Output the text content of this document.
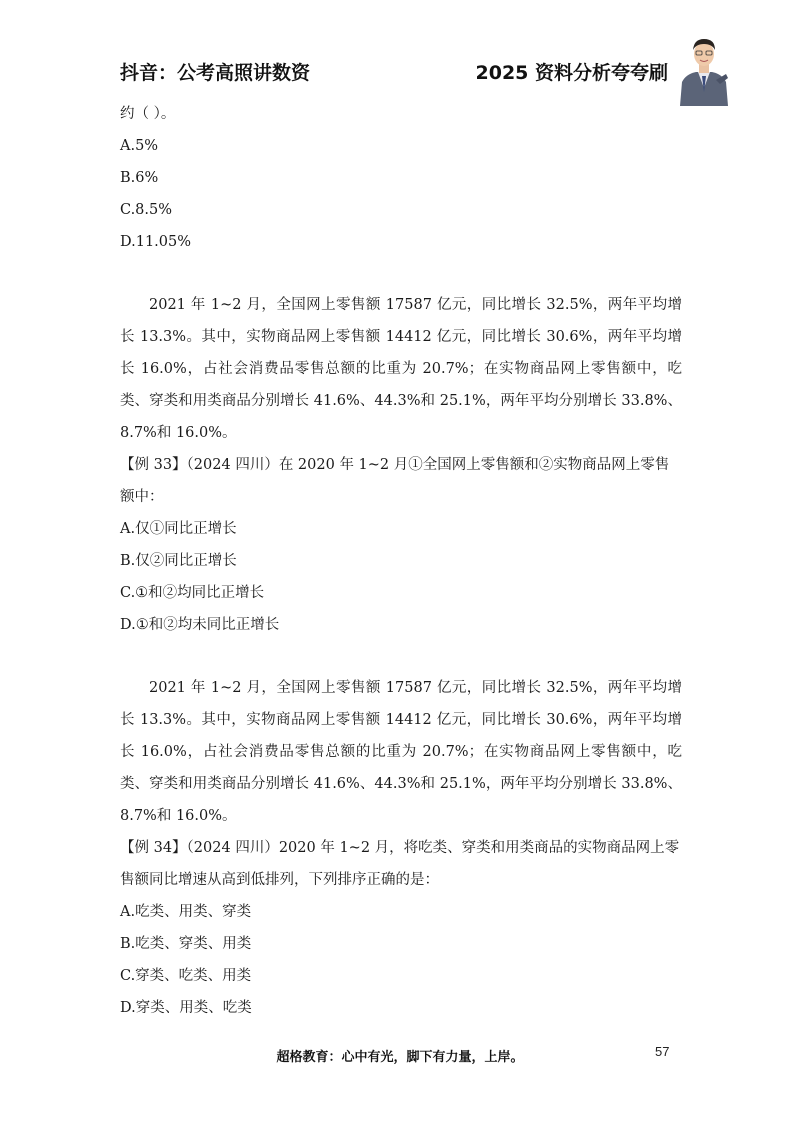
抖音：公考高照讲数资	2025 资料分析夸夸刷
约（ ）。
A.5%
B.6%
C.8.5%
D.11.05%
2021 年 1~2 月，全国网上零售额 17587 亿元，同比增长 32.5%，两年平均增长 13.3%。其中，实物商品网上零售额 14412 亿元，同比增长 30.6%，两年平均增长 16.0%，占社会消费品零售总额的比重为 20.7%；在实物商品网上零售额中，吃类、穿类和用类商品分别增长 41.6%、44.3%和 25.1%，两年平均分别增长 33.8%、8.7%和 16.0%。
【例 33】（2024 四川）在 2020 年 1~2 月①全国网上零售额和②实物商品网上零售额中：
A.仅①同比正增长
B.仅②同比正增长
C.①和②均同比正增长
D.①和②均未同比正增长
2021 年 1~2 月，全国网上零售额 17587 亿元，同比增长 32.5%，两年平均增长 13.3%。其中，实物商品网上零售额 14412 亿元，同比增长 30.6%，两年平均增长 16.0%，占社会消费品零售总额的比重为 20.7%；在实物商品网上零售额中，吃类、穿类和用类商品分别增长 41.6%、44.3%和 25.1%，两年平均分别增长 33.8%、8.7%和 16.0%。
【例 34】（2024 四川）2020 年 1~2 月，将吃类、穿类和用类商品的实物商品网上零售额同比增速从高到低排列，下列排序正确的是：
A.吃类、用类、穿类
B.吃类、穿类、用类
C.穿类、吃类、用类
D.穿类、用类、吃类
超格教育：心中有光，脚下有力量，上岸。	57
